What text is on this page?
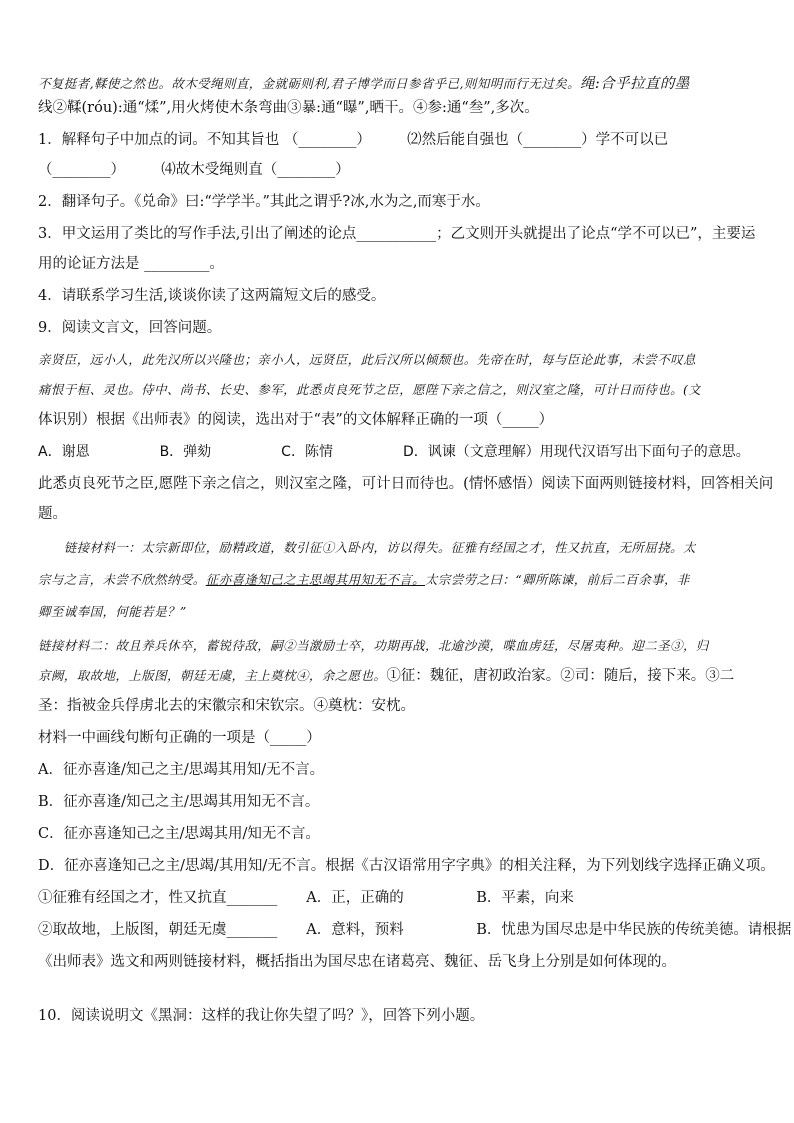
不复挺者,鞣使之然也。故木受绳则直，金就砺则利,君子博学而日参省乎已,则知明而行无过矣。绳:合乎拉直的墨

线②鞣(róu):通“煣”,用火烤使木条弯曲③暴:通“曝”,晒干。④参:通“叁”,多次。

1．解释句子中加点的词。不知其旨也 （________）　　　⑵然后能自强也（________）学不可以已

（________）　　　⑷故木受绳则直（________）

2．翻译句子。《兑命》曰:“学学半。”其此之谓乎?冰,水为之,而寒于水。

3．甲文运用了类比的写作手法,引出了阐述的论点___________；乙文则开头就提出了论点“学不可以已”，主要运

用的论证方法是 _________。

4．请联系学习生活,谈谈你读了这两篇短文后的感受。

9．阅读文言文，回答问题。

亲贤臣，远小人，此先汉所以兴隆也；亲小人，远贤臣，此后汉所以倾颓也。先帝在时，每与臣论此事，未尝不叹息

痛恨于桓、灵也。侍中、尚书、长史、参军，此悉贞良死节之臣，愿陛下亲之信之，则汉室之隆，可计日而待也。(文

体识别）根据《出师表》的阅读，选出对于“表”的文体解释正确的一项（_____）

A．谢恩　　　　　B．弹劾　　　　　C．陈情　　　　　D．讽谏（文意理解）用现代汉语写出下面句子的意思。

此悉贞良死节之臣,愿陛下亲之信之，则汉室之隆，可计日而待也。(情怀感悟）阅读下面两则链接材料，回答相关问

题。

　　链接材料一：太宗新即位，励精政道，数引征①入卧内，访以得失。征雅有经国之才，性又抗直，无所屈挠。太

宗与之言，未尝不欣然纳受。征亦喜逢知己之主思竭其用知无不言。太宗尝劳之曰：“卿所陈谏，前后二百余事，非

卿至诚奉国，何能若是？”

链接材料二：故且养兵休卒，蓄锐待敌，嗣②当激励士卒，功期再战，北逾沙漠，喋血虏廷，尽屠夷种。迎二圣③，归

京阙，取故地，上版图，朝廷无虞，主上奠枕④，余之愿也。①征：魏征，唐初政治家。②司：随后，接下来。③二

圣：指被金兵俘虏北去的宋徽宗和宋钦宗。④奠枕：安枕。

材料一中画线句断句正确的一项是（_____）

A．征亦喜逢/知己之主/思竭其用知/无不言。

B．征亦喜逢/知己之主/思竭其用知无不言。

C．征亦喜逢知己之主/思竭其用/知无不言。

D．征亦喜逢知己之主/思竭/其用知/无不言。根据《古汉语常用字字典》的相关注释，为下列划线字选择正确义项。

①征雅有经国之才，性又抗直_______　　A．正，正确的　　　　　B．平素，向来

②取故地，上版图，朝廷无虞_______　　A．意料，预料　　　　　B．忧患为国尽忠是中华民族的传统美德。请根据

《出师表》选文和两则链接材料，概括指出为国尽忠在诸葛亮、魏征、岳飞身上分别是如何体现的。

10．阅读说明文《黑洞：这样的我让你失望了吗？》，回答下列小题。
